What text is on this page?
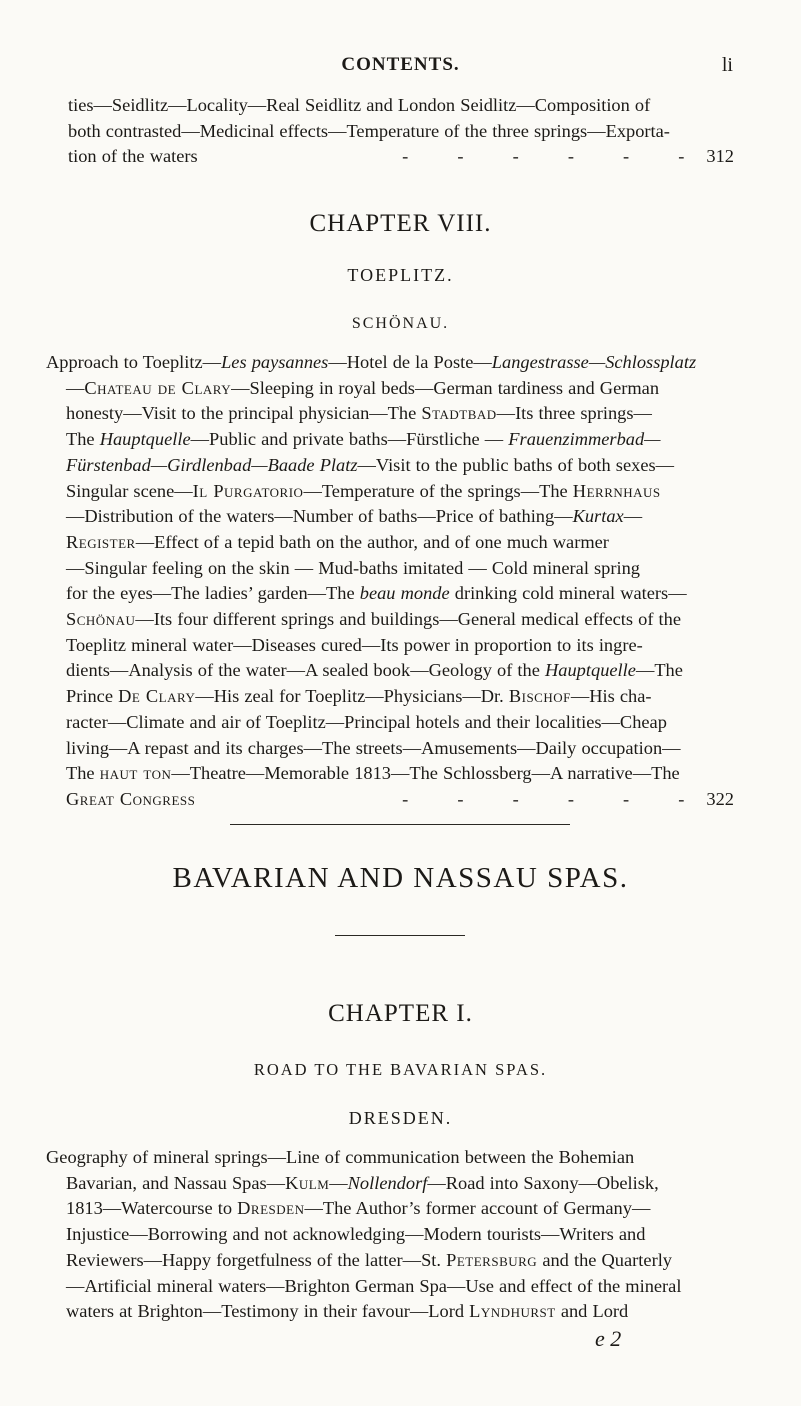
CONTENTS.	li
ties—Seidlitz—Locality—Real Seidlitz and London Seidlitz—Composition of
both contrasted—Medicinal effects—Temperature of the three springs—Exporta-
tion of the waters	- - - - - -312
CHAPTER VIII.
TOEPLITZ.
SCHÖNAU.
Approach to Toeplitz—Les paysannes—Hotel de la Poste—Langestrasse—Schlossplatz
—Chateau de Clary—Sleeping in royal beds—German tardiness and German
honesty—Visit to the principal physician—The Stadtbad—Its three springs—
The Hauptquelle—Public and private baths—Fürstliche — Frauenzimmerbad—
Fürstenbad—Girdlenbad—Baade Platz—Visit to the public baths of both sexes—
Singular scene—Il Purgatorio—Temperature of the springs—The Herrnhaus
—Distribution of the waters—Number of baths—Price of bathing—Kurtax—
Register—Effect of a tepid bath on the author, and of one much warmer
—Singular feeling on the skin — Mud-baths imitated — Cold mineral spring
for the eyes—The ladies’ garden—The beau monde drinking cold mineral waters—
Schönau—Its four different springs and buildings—General medical effects of the
Toeplitz mineral water—Diseases cured—Its power in proportion to its ingre-
dients—Analysis of the water—A sealed book—Geology of the Hauptquelle—The
Prince De Clary—His zeal for Toeplitz—Physicians—Dr. Bischof—His cha-
racter—Climate and air of Toeplitz—Principal hotels and their localities—Cheap
living—A repast and its charges—The streets—Amusements—Daily occupation—
The haut ton—Theatre—Memorable 1813—The Schlossberg—A narrative—The
Great Congress	- - - - - -322
BAVARIAN AND NASSAU SPAS.
CHAPTER I.
ROAD TO THE BAVARIAN SPAS.
DRESDEN.
Geography of mineral springs—Line of communication between the Bohemian
Bavarian, and Nassau Spas—Kulm—Nollendorf—Road into Saxony—Obelisk,
1813—Watercourse to Dresden—The Author’s former account of Germany—
Injustice—Borrowing and not acknowledging—Modern tourists—Writers and
Reviewers—Happy forgetfulness of the latter—St. Petersburg and the Quarterly
—Artificial mineral waters—Brighton German Spa—Use and effect of the mineral
waters at Brighton—Testimony in their favour—Lord Lyndhurst and Lord
e 2
